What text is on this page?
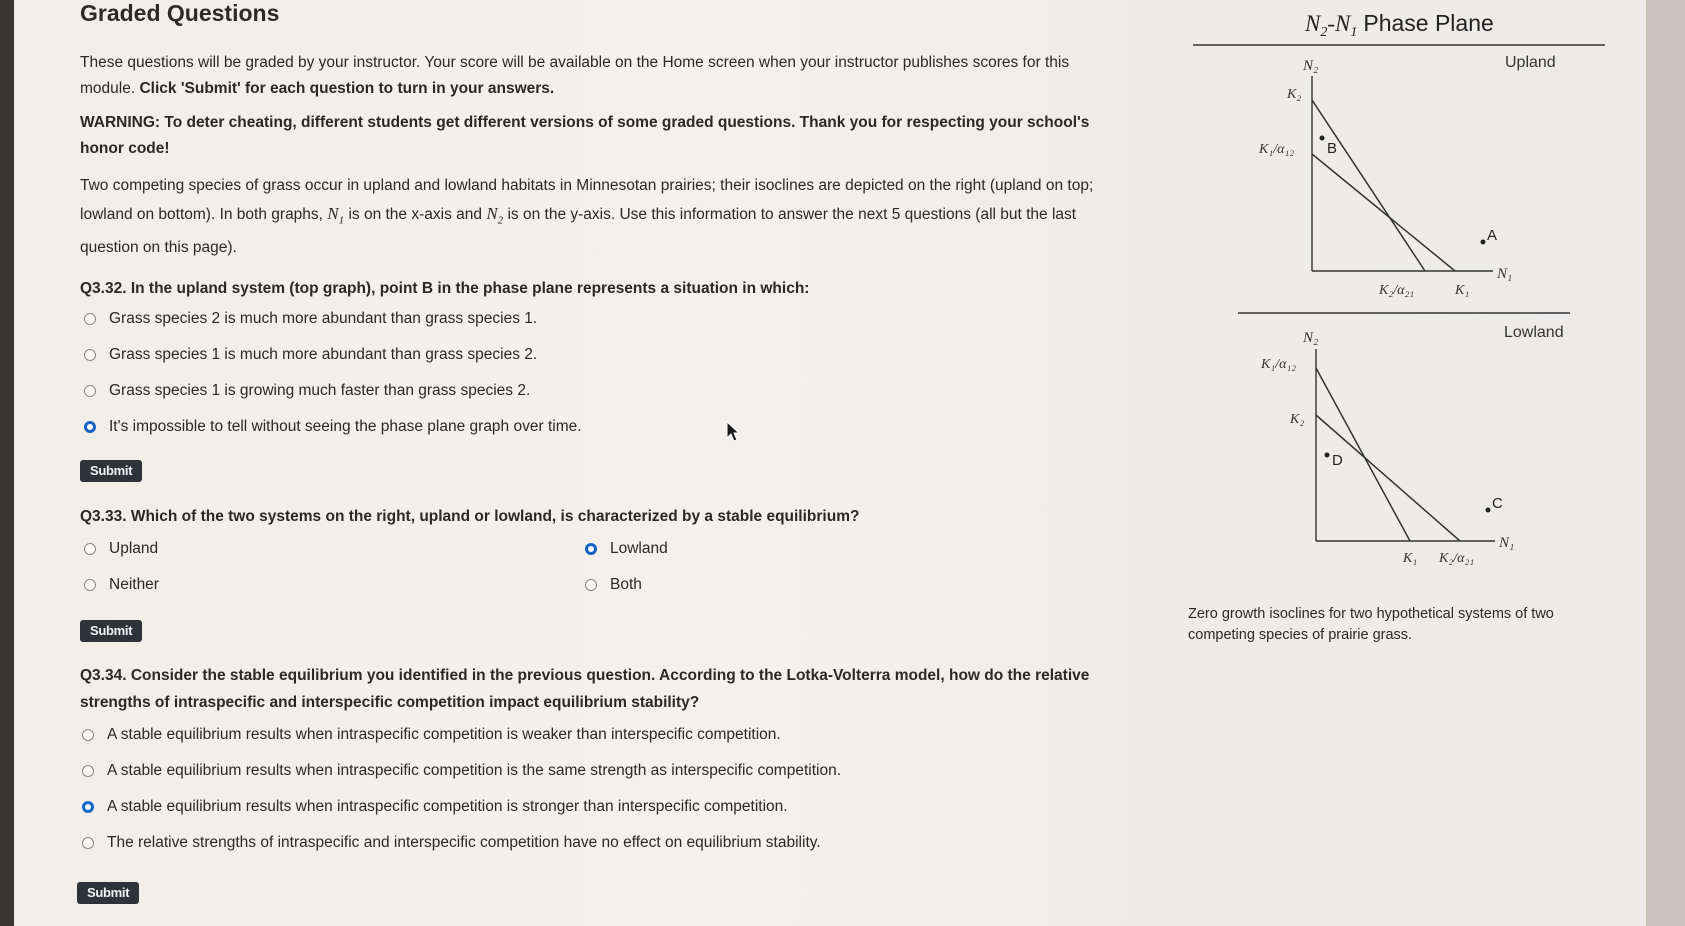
Graded Questions
These questions will be graded by your instructor. Your score will be available on the Home screen when your instructor publishes scores for this module. Click 'Submit' for each question to turn in your answers.
WARNING: To deter cheating, different students get different versions of some graded questions. Thank you for respecting your school's honor code!
Two competing species of grass occur in upland and lowland habitats in Minnesotan prairies; their isoclines are depicted on the right (upland on top; lowland on bottom). In both graphs, $N_1$ is on the x-axis and $N_2$ is on the y-axis. Use this information to answer the next 5 questions (all but the last question on this page).
Q3.32. In the upland system (top graph), point B in the phase plane represents a situation in which:
Grass species 2 is much more abundant than grass species 1.
Grass species 1 is much more abundant than grass species 2.
Grass species 1 is growing much faster than grass species 2.
It's impossible to tell without seeing the phase plane graph over time.
Submit
Q3.33. Which of the two systems on the right, upland or lowland, is characterized by a stable equilibrium?
Upland	Lowland
Neither	Both
Submit
Q3.34. Consider the stable equilibrium you identified in the previous question. According to the Lotka-Volterra model, how do the relative strengths of intraspecific and interspecific competition impact equilibrium stability?
A stable equilibrium results when intraspecific competition is weaker than interspecific competition.
A stable equilibrium results when intraspecific competition is the same strength as interspecific competition.
A stable equilibrium results when intraspecific competition is stronger than interspecific competition.
The relative strengths of intraspecific and interspecific competition have no effect on equilibrium stability.
Submit
$N_2-N_1$ Phase Plane
Upland
N₂
K₂
K₁/α₁₂
N₁
K₂/α₂₁	K₁
B
A
Lowland
N₂
K₁/α₁₂
K₂
N₁
K₁ K₂/α₂₁
D
C
Zero growth isoclines for two hypothetical systems of two competing species of prairie grass.
